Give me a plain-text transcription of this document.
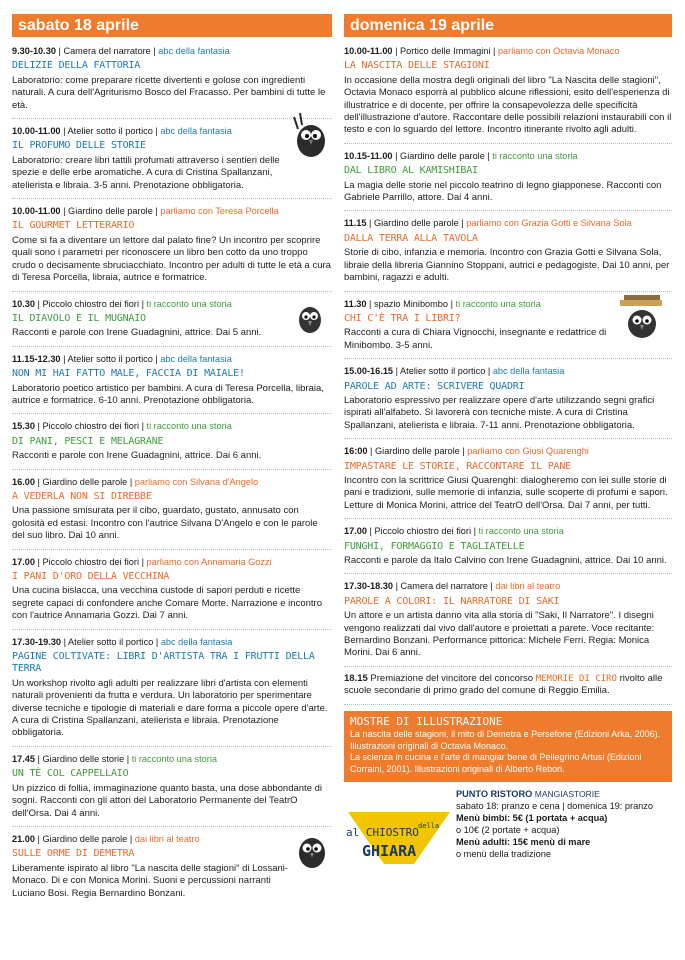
sabato 18 aprile
9.30-10.30 | Camera del narratore | abc della fantasia
DELIZIE DELLA FATTORIA
Laboratorio: come preparare ricette divertenti e golose con ingredienti naturali. A cura dell'Agriturismo Bosco del Fracasso. Per bambini di tutte le età.
10.00-11.00 | Atelier sotto il portico | abc della fantasia
IL PROFUMO DELLE STORIE
Laboratorio: creare libri tattili profumati attraverso i sentieri delle spezie e delle erbe aromatiche. A cura di Cristina Spallanzani, atelierista e libraia. 3-5 anni. Prenotazione obbligatoria.
10.00-11.00 | Giardino delle parole | parliamo con Teresa Porcella
IL GOURMET LETTERARIO
Come si fa a diventare un lettore dal palato fine? Un incontro per scoprire quali sono i parametri per riconoscere un libro ben cotto da uno troppo crudo o decisamente sbruciacchiato. Incontro per adulti di tutte le età a cura di Teresa Porcella, libraia, autrice e formatrice.
10.30 | Piccolo chiostro dei fiori | ti racconto una storia
IL DIAVOLO E IL MUGNAIO
Racconti e parole con Irene Guadagnini, attrice. Dai 5 anni.
11.15-12.30 | Atelier sotto il portico | abc della fantasia
NON MI HAI FATTO MALE, FACCIA DI MAIALE!
Laboratorio poetico artistico per bambini. A cura di Teresa Porcella, libraia, autrice e formatrice. 6-10 anni. Prenotazione obbligatoria.
15.30 | Piccolo chiostro dei fiori | ti racconto una storia
DI PANI, PESCI E MELAGRANE
Racconti e parole con Irene Guadagnini, attrice. Dai 6 anni.
16.00 | Giardino delle parole | parliamo con Silvana d'Angelo
A VEDERLA NON SI DIREBBE
Una passione smisurata per il cibo, guardato, gustato, annusato con golosità ed estasi. Incontro con l'autrice Silvana D'Angelo e con le parole del suo libro. Dai 10 anni.
17.00 | Piccolo chiostro dei fiori | parliamo con Annamaria Gozzi
I PANI D'ORO DELLA VECCHINA
Una cucina bislacca, una vecchina custode di sapori perduti e ricette segrete capaci di confondere anche Comare Morte. Narrazione e incontro con l'autrice Annamaria Gozzi. Dai 7 anni.
17.30-19.30 | Atelier sotto il portico | abc della fantasia
PAGINE COLTIVATE: LIBRI D'ARTISTA TRA I FRUTTI DELLA TERRA
Un workshop rivolto agli adulti per realizzare libri d'artista con elementi naturali provenienti da frutta e verdura. Un laboratorio per sperimentare diverse tecniche e tipologie di materiali e dare forma a piccole opere d'arte. A cura di Cristina Spallanzani, atelierista e libraia. Prenotazione obbligatoria.
17.45 | Giardino delle storie | ti racconto una storia
UN TÈ COL CAPPELLAIO
Un pizzico di follia, immaginazione quanto basta, una dose abbondante di sogni. Racconti con gli attori del Laboratorio Permanente del TeatrO dell'Orsa. Dai 4 anni.
21.00 | Giardino delle parole | dai libri al teatro
SULLE ORME DI DEMETRA
Liberamente ispirato al libro "La nascita delle stagioni" di Lossani-Monaco. Di e con Monica Morini. Suoni e percussioni narranti Luciano Bosi. Regia Bernardino Bonzani.
domenica 19 aprile
10.00-11.00 | Portico delle Immagini | parliamo con Octavia Monaco
LA NASCITA DELLE STAGIONI
In occasione della mostra degli originali del libro "La Nascita delle stagioni", Octavia Monaco esporrà al pubblico alcune riflessioni, esito dell'esperienza di illustratrice e di docente, per offrire la consapevolezza delle specificità dell'illustrazione d'autore. Raccontare delle possibili relazioni instaurabili con il testo e con lo sguardo del lettore. Incontro itinerante rivolto agli adulti.
10.15-11.00 | Giardino delle parole | ti racconto una storia
DAL LIBRO AL KAMISHIBAI
La magia delle storie nel piccolo teatrino di legno giapponese. Racconti con Gabriele Parrillo, attore. Dai 4 anni.
11.15 | Giardino delle parole | parliamo con Grazia Gotti e Silvana Sola
DALLA TERRA ALLA TAVOLA
Storie di cibo, infanzia e memoria. Incontro con Grazia Gotti e Silvana Sola, libraie della libreria Giannino Stoppani, autrici e pedagogiste. Dai 10 anni, per bambini, ragazzi e adulti.
11.30 | spazio Minibombo | ti racconto una storia
CHI C'È TRA I LIBRI?
Racconti a cura di Chiara Vignocchi, insegnante e redattrice di Minibombo. 3-5 anni.
15.00-16.15 | Atelier sotto il portico | abc della fantasia
PAROLE AD ARTE: SCRIVERE QUADRI
Laboratorio espressivo per realizzare opere d'arte utilizzando segni grafici ispirati all'alfabeto. Si lavorerà con tecniche miste. A cura di Cristina Spallanzani, atelierista e libraia. 7-11 anni. Prenotazione obbligatoria.
16:00 | Giardino delle parole | parliamo con Giusi Quarenghi
IMPASTARE LE STORIE, RACCONTARE IL PANE
Incontro con la scrittrice Giusi Quarenghi: dialogheremo con lei sulle storie di pani e tradizioni, sulle memorie di infanzia, sulle scoperte di profumi e sapori. Letture di Monica Morini, attrice del TeatrO dell'Orsa. Dai 7 anni, per tutti.
17.00 | Piccolo chiostro dei fiori | ti racconto una storia
FUNGHI, FORMAGGIO E TAGLIATELLE
Racconti e parole da Italo Calvino con Irene Guadagnini, attrice. Dai 10 anni.
17.30-18.30 | Camera del narratore | dai libri al teatro
PAROLE A COLORI: IL NARRATORE DI SAKI
Un attore e un artista danno vita alla storia di "Saki, Il Narratore". I disegni vengono realizzati dal vivo dall'autore e proiettati a parete. Voce recitante: Bernardino Bonzani. Performance pittorica: Michele Ferri. Regia: Monica Morini. Dai 6 anni.
18.15 Premiazione del vincitore del concorso MEMORIE DI CIRO rivolto alle scuole secondarie di primo grado del comune di Reggio Emilia.
MOSTRE DI ILLUSTRAZIONE
La nascita delle stagioni, il mito di Demetra e Persefone (Edizioni Arka, 2006). Illustrazioni originali di Octavia Monaco.
La scienza in cucina e l'arte di mangiar bene di Pellegrino Artusi (Edizioni Corraini, 2001). Illustrazioni originali di Alberto Rebori.
al CHIOSTRO della
GHIARA
PUNTO RISTORO MANGIASTORIE
sabato 18: pranzo e cena | domenica 19: pranzo
Menù bimbi: 5€ (1 portata + acqua)
o 10€ (2 portate + acqua)
Menù adulti: 15€ menù di mare
o menù della tradizione
